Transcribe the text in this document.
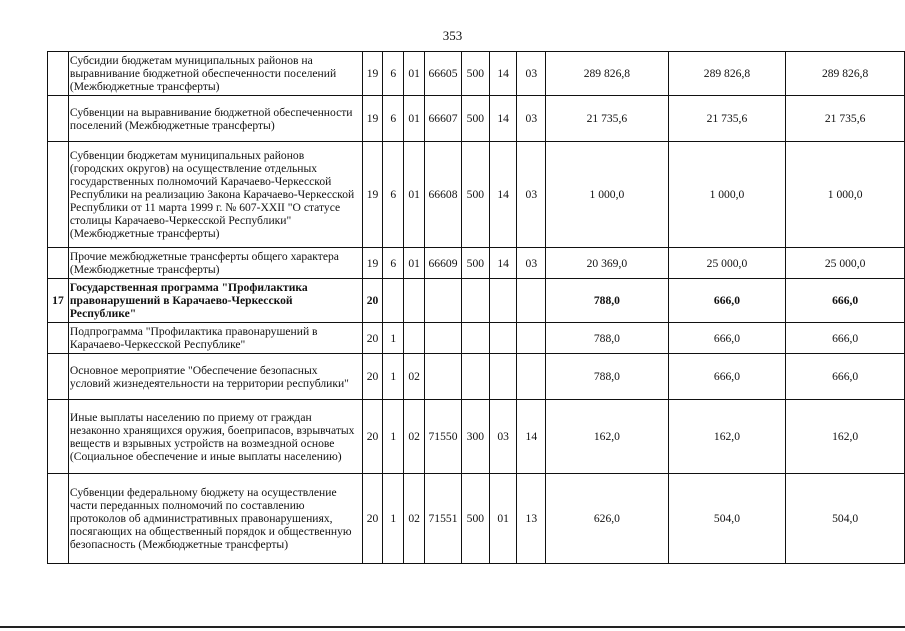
353
	Субсидии бюджетам муниципальных районов на выравнивание бюджетной обеспеченности поселений (Межбюджетные трансферты)	19	6	01	66605	500	14	03	289 826,8	289 826,8	289 826,8
	Субвенции на выравнивание бюджетной обеспеченности поселений (Межбюджетные трансферты)	19	6	01	66607	500	14	03	21 735,6	21 735,6	21 735,6
	Субвенции бюджетам муниципальных районов (городских округов) на осуществление отдельных государственных полномочий Карачаево-Черкесской Республики на реализацию Закона Карачаево-Черкесской Республики от 11 марта 1999 г. № 607-XXII "О статусе столицы Карачаево-Черкесской Республики" (Межбюджетные трансферты)	19	6	01	66608	500	14	03	1 000,0	1 000,0	1 000,0
	Прочие межбюджетные трансферты общего характера (Межбюджетные трансферты)	19	6	01	66609	500	14	03	20 369,0	25 000,0	25 000,0
17	Государственная программа "Профилактика правонарушений в Карачаево-Черкесской Республике"	20							788,0	666,0	666,0
	Подпрограмма "Профилактика правонарушений в Карачаево-Черкесской Республике"	20	1						788,0	666,0	666,0
	Основное мероприятие "Обеспечение безопасных условий жизнедеятельности на территории республики"	20	1	02					788,0	666,0	666,0
	Иные выплаты населению по приему от граждан незаконно хранящихся оружия, боеприпасов, взрывчатых веществ и взрывных устройств на возмездной основе (Социальное обеспечение и иные выплаты населению)	20	1	02	71550	300	03	14	162,0	162,0	162,0
	Субвенции федеральному бюджету на осуществление части переданных полномочий по составлению протоколов об административных правонарушениях, посягающих на общественный порядок и общественную безопасность (Межбюджетные трансферты)	20	1	02	71551	500	01	13	626,0	504,0	504,0
